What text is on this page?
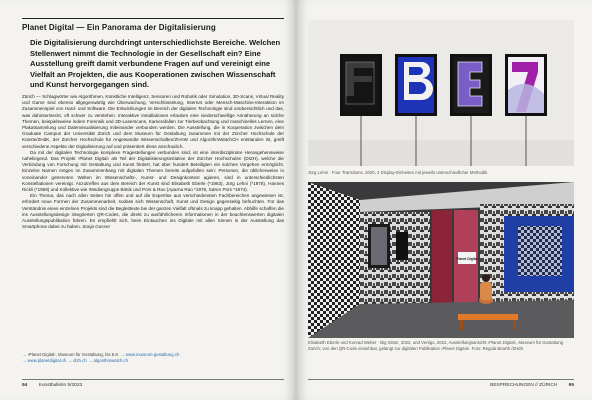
Planet Digital — Ein Panorama der Digitalisierung
Die Digitalisierung durchdringt unterschiedlichste Bereiche. Welchen Stellenwert nimmt die Technologie in der Gesellschaft ein? Eine Ausstellung greift damit verbundene Fragen auf und vereinigt eine Vielfalt an Projekten, die aus Kooperationen zwischen Wissenschaft und Kunst hervorgegangen sind.

Zürich — Schlagwörter wie Algorithmen, Künstliche Intelligenz, Sensoren und Robotik oder Simulation, 3D-Scans, Virtual Reality und Game sind ebenso allgegenwärtig wie Überwachung, Verschlüsselung, Internet oder Mensch-Maschine-Interaktion im Zusammenspiel von Hard- und Software. Die Entwicklungen im Bereich der digitalen Technologie sind unübersichtlich und das, was dahintersteckt, oft schwer zu verstehen. Interaktive Installationen erlauben eine niederschwellige Annäherung an solche Themen, beispielsweise indem Forensik und 3D-Laserscans, Kamerafallen zur Tierbeobachtung und maschinelles Lernen, eine Plakatsammlung und Datenvisualisierung miteinander verbunden werden. Die Ausstellung, die in Kooperation zwischen dem Graduate Campus der Universität Zürich und dem Museum für Gestaltung zusammen mit der Zürcher Hochschule der Künste/ZHdK, der Zürcher Hochschule für Angewandte Wissenschaften/ZHAW und AlgorithmWatchCH entstanden ist, greift verschiedene Aspekte der Digitalisierung auf und präsentiert diese anschaulich.

Da mit der digitalen Technologie komplexe Fragestellungen verbunden sind, ist eine interdisziplinäre Herangehensweise naheliegend. Das Projekt ›Planet Digital‹ als Teil der Digitalisierungsinitiative der Zürcher Hochschulen (DIZH), welche die Verbindung von Forschung mit Gestaltung und Kunst fördert, hat über hundert Beteiligten ein solches Vorgehen ermöglicht. Einzelne Namen mögen im Zusammenhang mit digitalen Themen bereits aufgefallen sein: Personen, die üblicherweise in voneinander getrennten Welten im Wissenschafts-, Kunst- und Designkontext agieren, sind in unterschiedlichsten Konstellationen vereinigt. Anzutreffen aus dem Bereich der Kunst sind Elisabeth Eberle (*1963), Jürg Lehni (*1978), Hannes Rickli (*1959) und Kollektive wie !Mediengruppe Bitnik und Pors & Rao (Aparna Rao *1978, Søren Pors *1974).

Ein Thema, das nach allen Seiten hin offen und auf die Expertise aus verschiedensten Fachbereichen angewiesen ist, erfordert neue Formen der Zusammenarbeit, sodass sich Wissenschaft, Kunst und Design gegenseitig befruchten. Für das Verständnis eines einzelnen Projekts sind die Begleittexte bei der ganzen Vielfalt oftmals zu knapp gehalten. Abhilfe schaffen die ins Ausstellungsdesign integrierten QR-Codes, die direkt zu ausführlicheren Informationen in der beachtenswerten digitalen Ausstellungspublikation führen. Es empfiehlt sich, beim Eintauchen ins Digitale mit allen Sinnen in der Ausstellung das Smartphone dabei zu haben. Sonja Gasser

→ ›Planet Digital‹, Museum für Gestaltung, bis 6.8. → www.museum-gestaltung.ch
→ www.planetdigital.ch → dizh.ch → algorithmwatch.ch
94 Kunstbulletin 5/2023
Jürg Lehni · Four Transitions, 2020, 4 Display-Einheiten mit jeweils unterschiedlicher Methodik
Planet Digital
Elisabeth Eberle und Konrad Weber · Big Sister, 2022, und Vertigo, 2022, Ausstellungsansicht ›Planet Digital‹, Museum für Gestaltung Zürich; von den QR-Code einsehbar, gelangt zur digitalen Publikation ›Planet Digital‹. Foto: Regula Bearth /ZHdK
BESPRECHUNGEN // ZÜRICH 95
